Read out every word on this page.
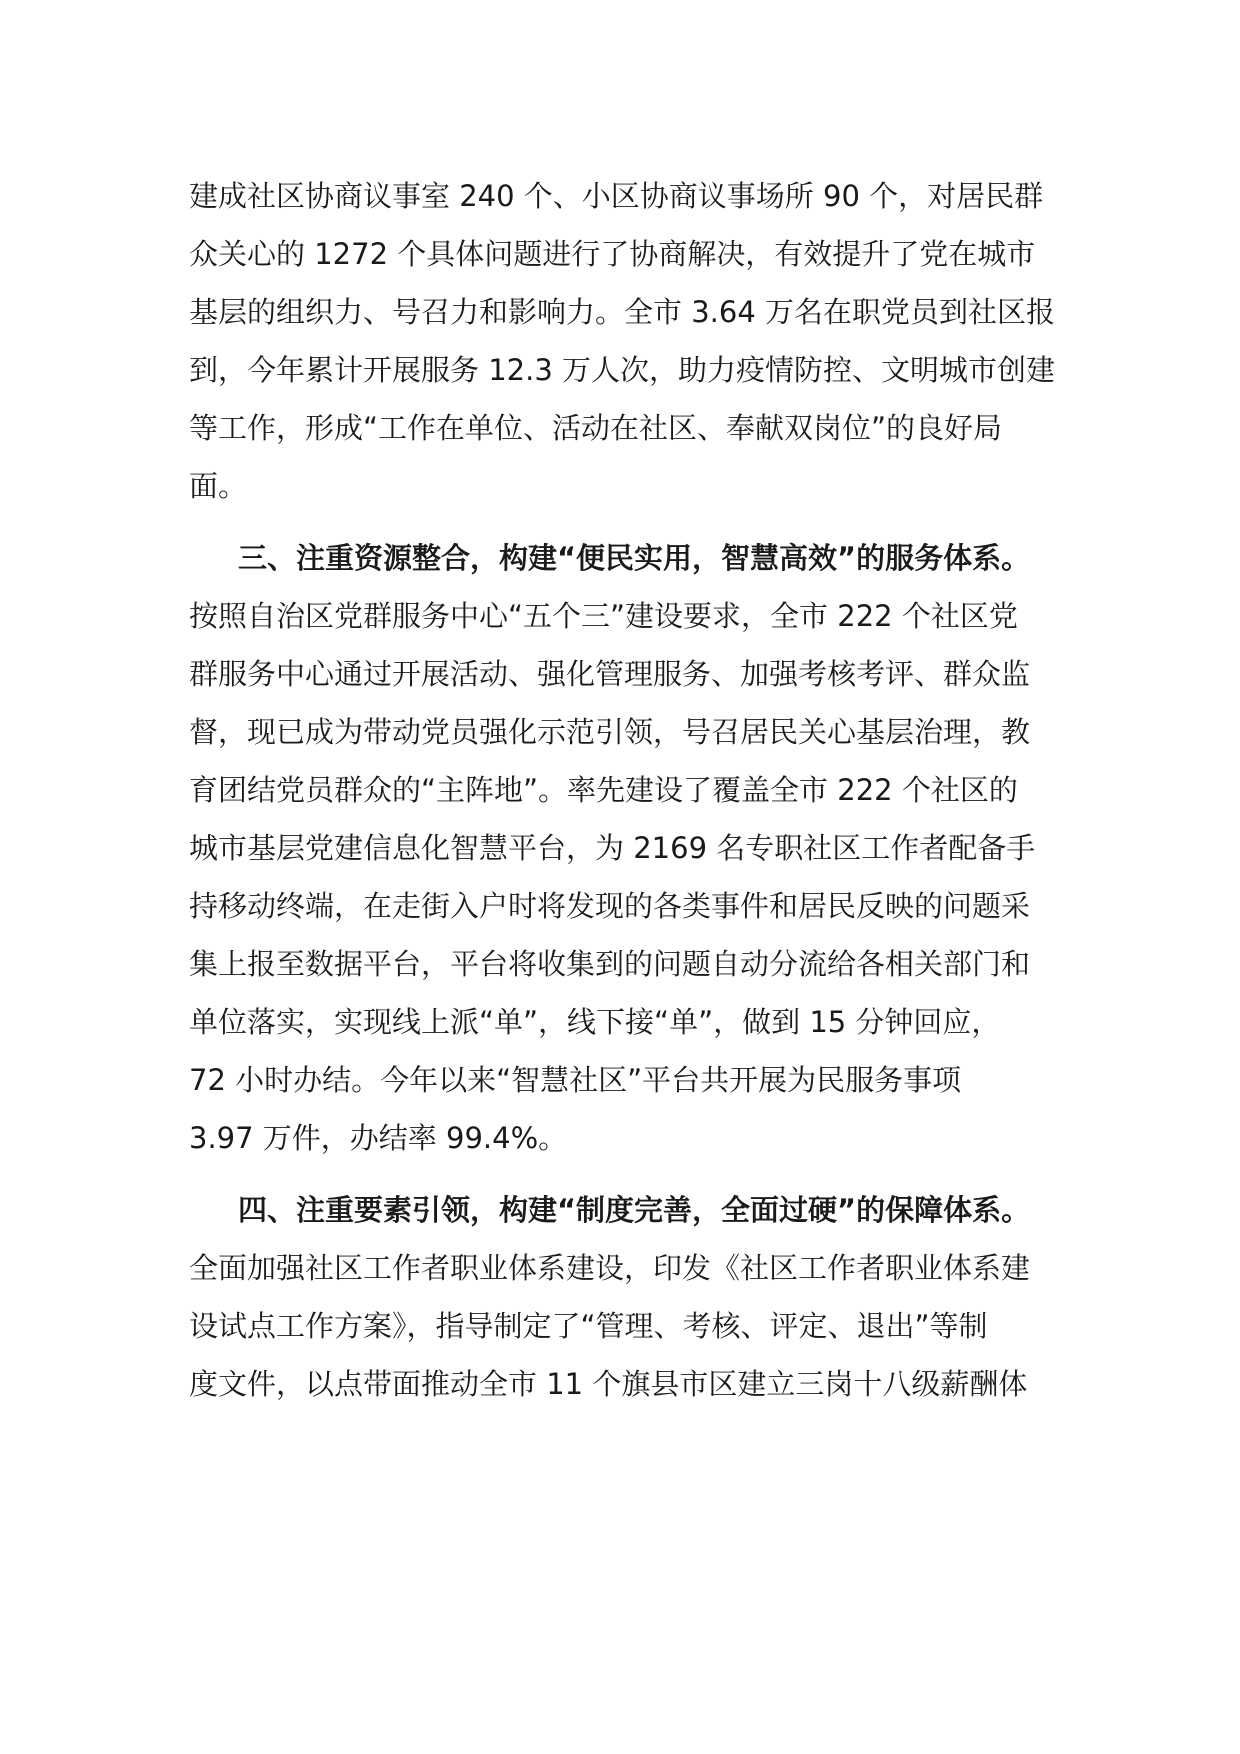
建成社区协商议事室 240 个、小区协商议事场所 90 个，对居民群
众关心的 1272 个具体问题进行了协商解决，有效提升了党在城市
基层的组织力、号召力和影响力。全市 3.64 万名在职党员到社区报
到，今年累计开展服务 12.3 万人次，助力疫情防控、文明城市创建
等工作，形成“工作在单位、活动在社区、奉献双岗位”的良好局
面。
三、注重资源整合，构建“便民实用，智慧高效”的服务体系。
按照自治区党群服务中心“五个三”建设要求，全市 222 个社区党
群服务中心通过开展活动、强化管理服务、加强考核考评、群众监
督，现已成为带动党员强化示范引领，号召居民关心基层治理，教
育团结党员群众的“主阵地”。率先建设了覆盖全市 222 个社区的
城市基层党建信息化智慧平台，为 2169 名专职社区工作者配备手
持移动终端，在走街入户时将发现的各类事件和居民反映的问题采
集上报至数据平台，平台将收集到的问题自动分流给各相关部门和
单位落实，实现线上派“单”，线下接“单”，做到 15 分钟回应，
72 小时办结。今年以来“智慧社区”平台共开展为民服务事项
3.97 万件，办结率 99.4%。
四、注重要素引领，构建“制度完善，全面过硬”的保障体系。
全面加强社区工作者职业体系建设，印发《社区工作者职业体系建
设试点工作方案》，指导制定了“管理、考核、评定、退出”等制
度文件，以点带面推动全市 11 个旗县市区建立三岗十八级薪酬体
